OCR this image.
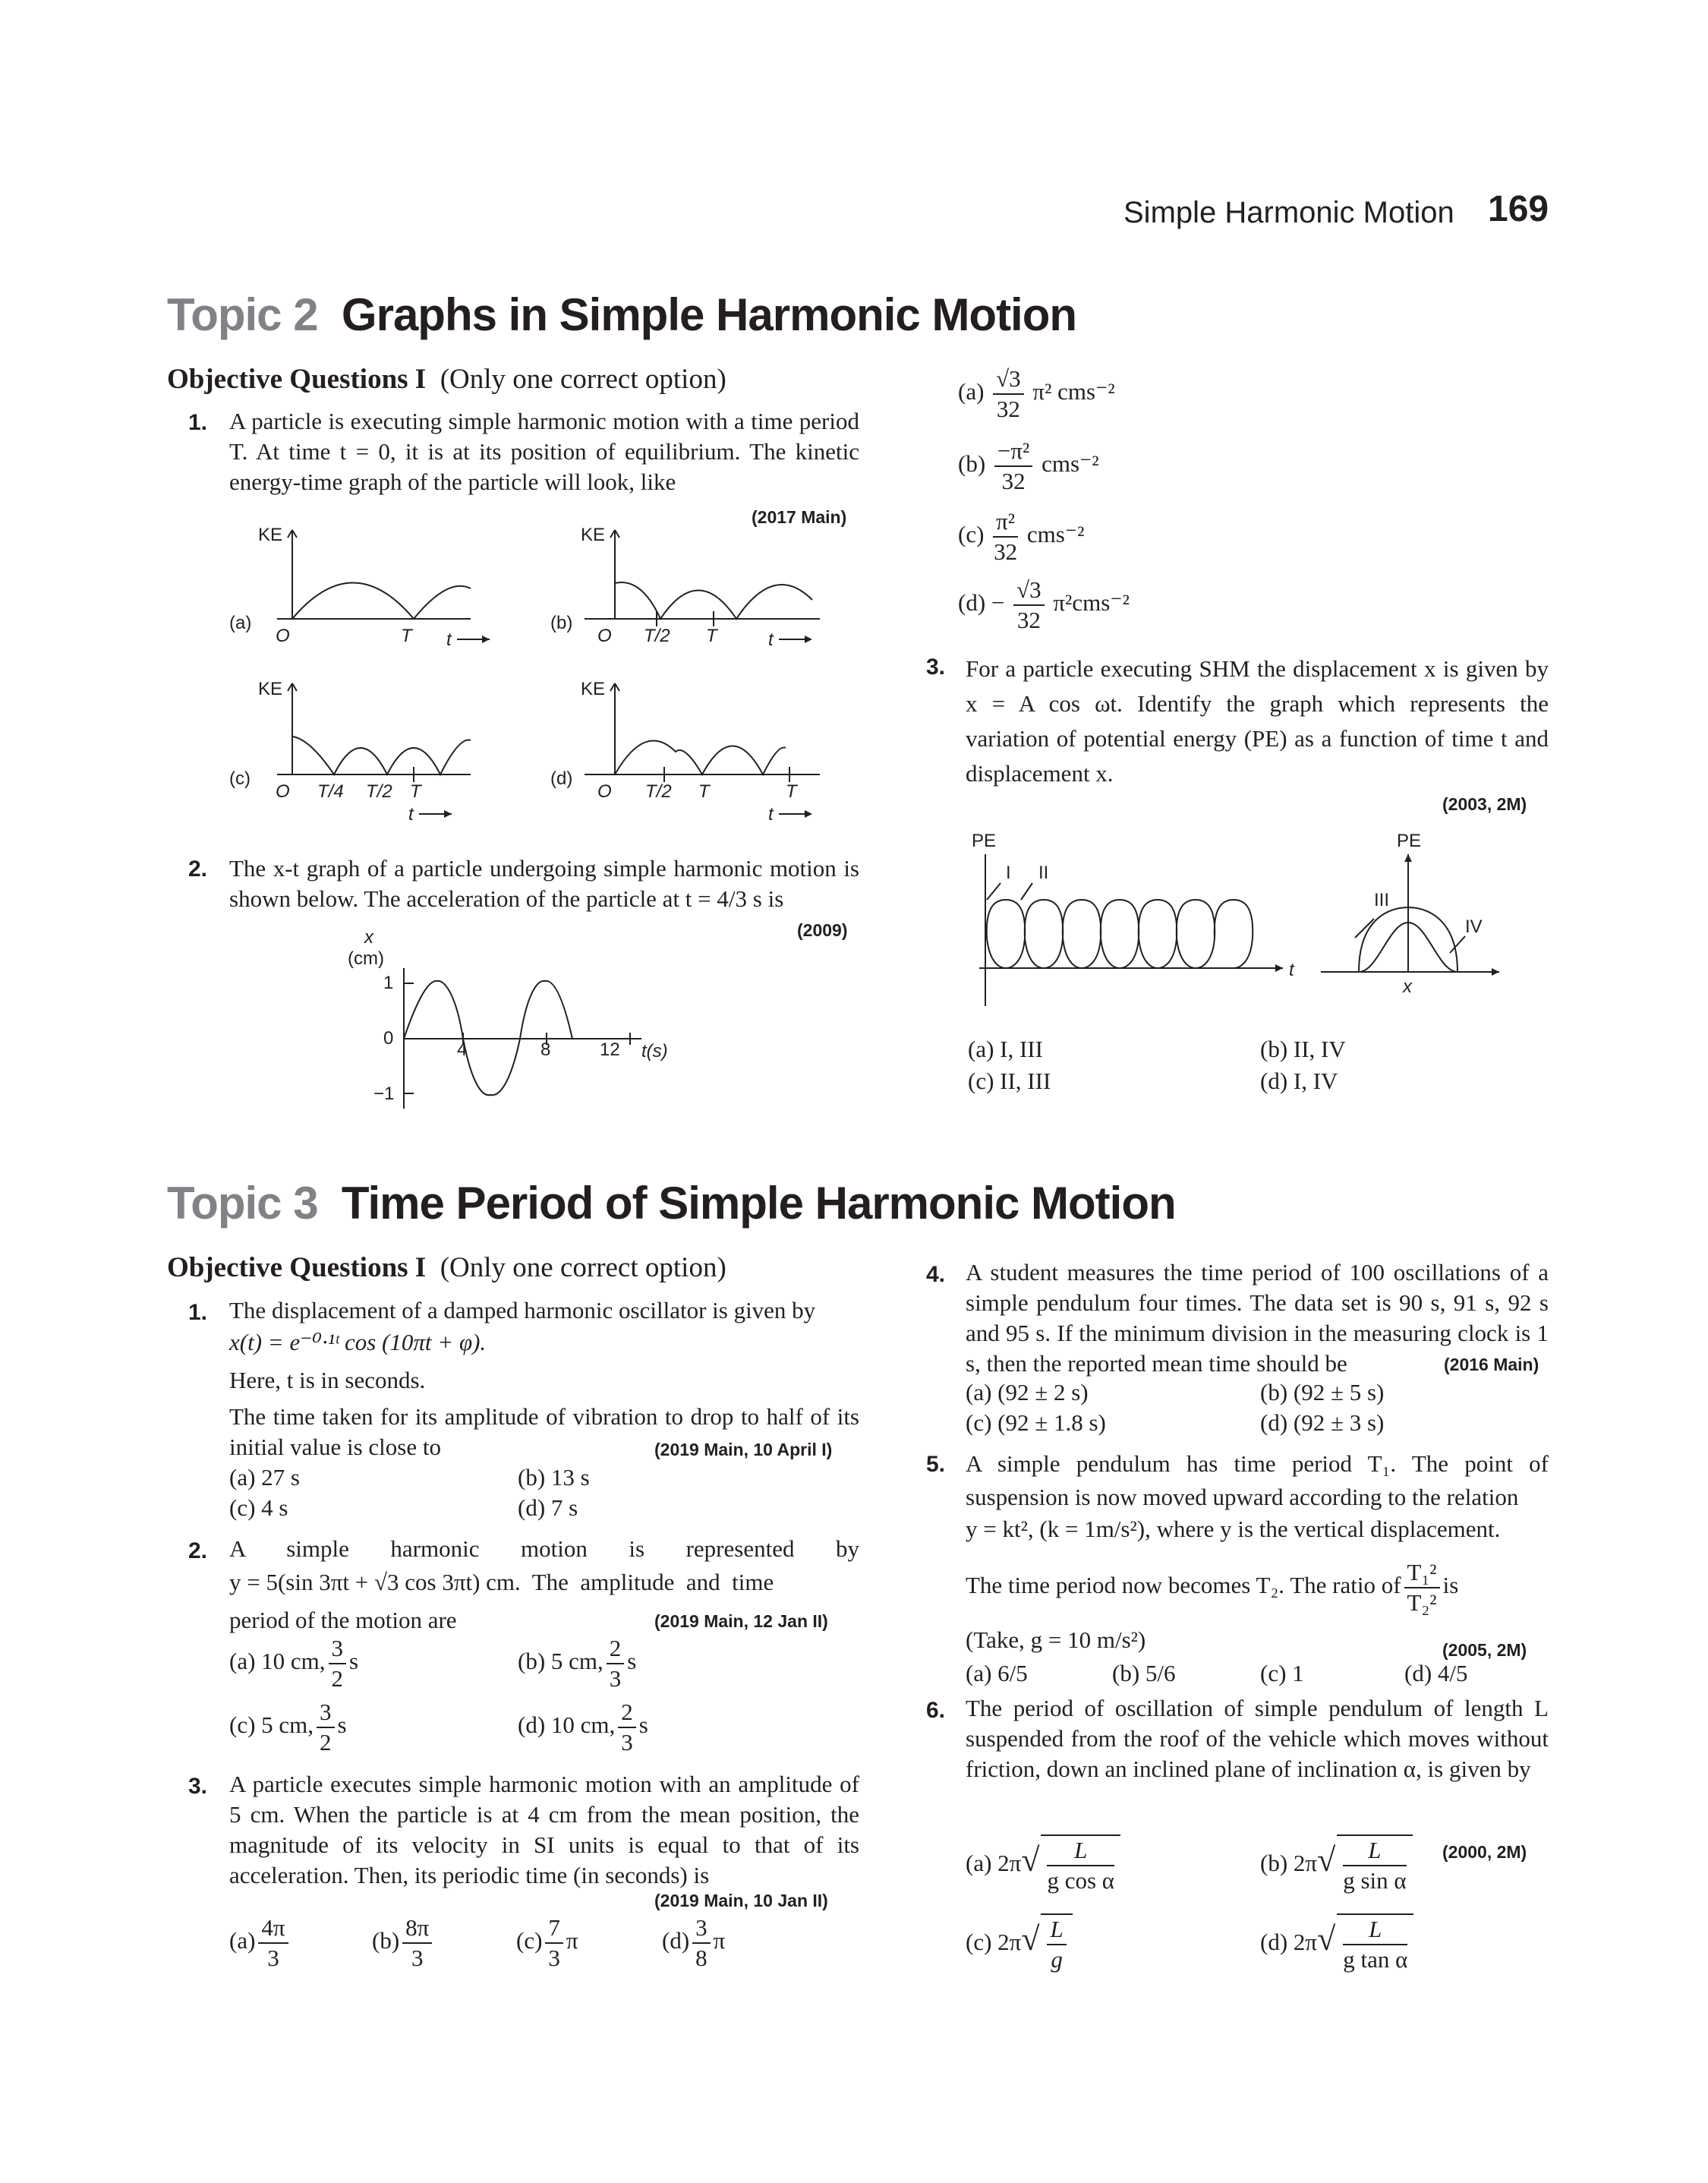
Simple Harmonic Motion 169
Topic 2 Graphs in Simple Harmonic Motion
Objective Questions I (Only one correct option)
1. A particle is executing simple harmonic motion with a time period T. At time t = 0, it is at its position of equilibrium. The kinetic energy-time graph of the particle will look, like
(2017 Main)
KE
(a)
O	T t
KE
(b)
O T/2 T	t
KE
(c)
O T/4 T/2 T
t
KE
(d)
O T/2 T	T
t
2. The x-t graph of a particle undergoing simple harmonic motion is shown below. The acceleration of the particle at t = 4/3 s is
(2009)
x
(cm)
1
0
−1
4	8	12 t(s)
$(a) \frac{√3}{32} \pi^2$ cms⁻²
$(b) \frac{\text{−π²}}{32} cms^{-2}$
$(c) \frac{\text{π²}}{32} cms^{-2}$
$(d) - \frac{√3}{32} \pi^2cms^{-2}$
3. For a particle executing SHM the displacement x is given by x = A cos ωt. Identify the graph which represents the variation of potential energy (PE) as a function of time t and displacement x.
(2003, 2M)
PE
I II
t
PE
III
IV
x
(a) I, III	(b) II, IV
(c) II, III	(d) I, IV
Topic 3 Time Period of Simple Harmonic Motion
Objective Questions I (Only one correct option)
1. The displacement of a damped harmonic oscillator is given by
x(t) = e⁻⁰·¹ᵗ cos (10πt + φ).
Here, t is in seconds.
The time taken for its amplitude of vibration to drop to half of its initial value is close to	(2019 Main, 10 April I)
(a) 27 s	(b) 13 s
(c) 4 s	(d) 7 s
2. A simple harmonic motion is represented by
y = 5(sin 3πt + √3 cos 3πt) cm.  The  amplitude  and  time
period of the motion are	(2019 Main, 12 Jan II)
(a) 10 cm, $\frac{3}{2}$ s	(b) 5 cm, $\frac{2}{3}$ s
(c) 5 cm, $\frac{3}{2}$ s	(d) 10 cm, $\frac{2}{3}$ s
3. A particle executes simple harmonic motion with an amplitude of 5 cm. When the particle is at 4 cm from the mean position, the magnitude of its velocity in SI units is equal to that of its acceleration. Then, its periodic time (in seconds) is
(2019 Main, 10 Jan II)
$(a) \frac{4\pi}{3}$	$(b) \frac{8\pi}{3}$	$(c) \frac{7}{3}$ π	$(d) \frac{3}{8}$ π
4. A student measures the time period of 100 oscillations of a simple pendulum four times. The data set is 90 s, 91 s, 92 s and 95 s. If the minimum division in the measuring clock is 1 s, then the reported mean time should be	(2016 Main)
(a) (92 ± 2 s)	(b) (92 ± 5 s)
(c) (92 ± 1.8 s)	(d) (92 ± 3 s)
5. A simple pendulum has time period T₁. The point of suspension is now moved upward according to the relation
y = kt², (k = 1m/s²), where y is the vertical displacement.
The time period now becomes T₂. The ratio of $\frac{\text{T₁²}}{\text{T₂²}}$ is
(Take, g = 10 m/s²)	(2005, 2M)
(a) 6/5	(b) 5/6	(c) 1	(d) 4/5
6. The period of oscillation of simple pendulum of length L suspended from the roof of the vehicle which moves without friction, down an inclined plane of inclination α, is given by
(2000, 2M)
(a) $2\pi√ \frac{L}{\text{g cos α}}$	(b) $2\pi√ \frac{L}{\text{g sin α}}$
(c) $2\pi√ \frac{L}{g}$	(d) $2\pi√ \frac{L}{\text{g tan α}}$
